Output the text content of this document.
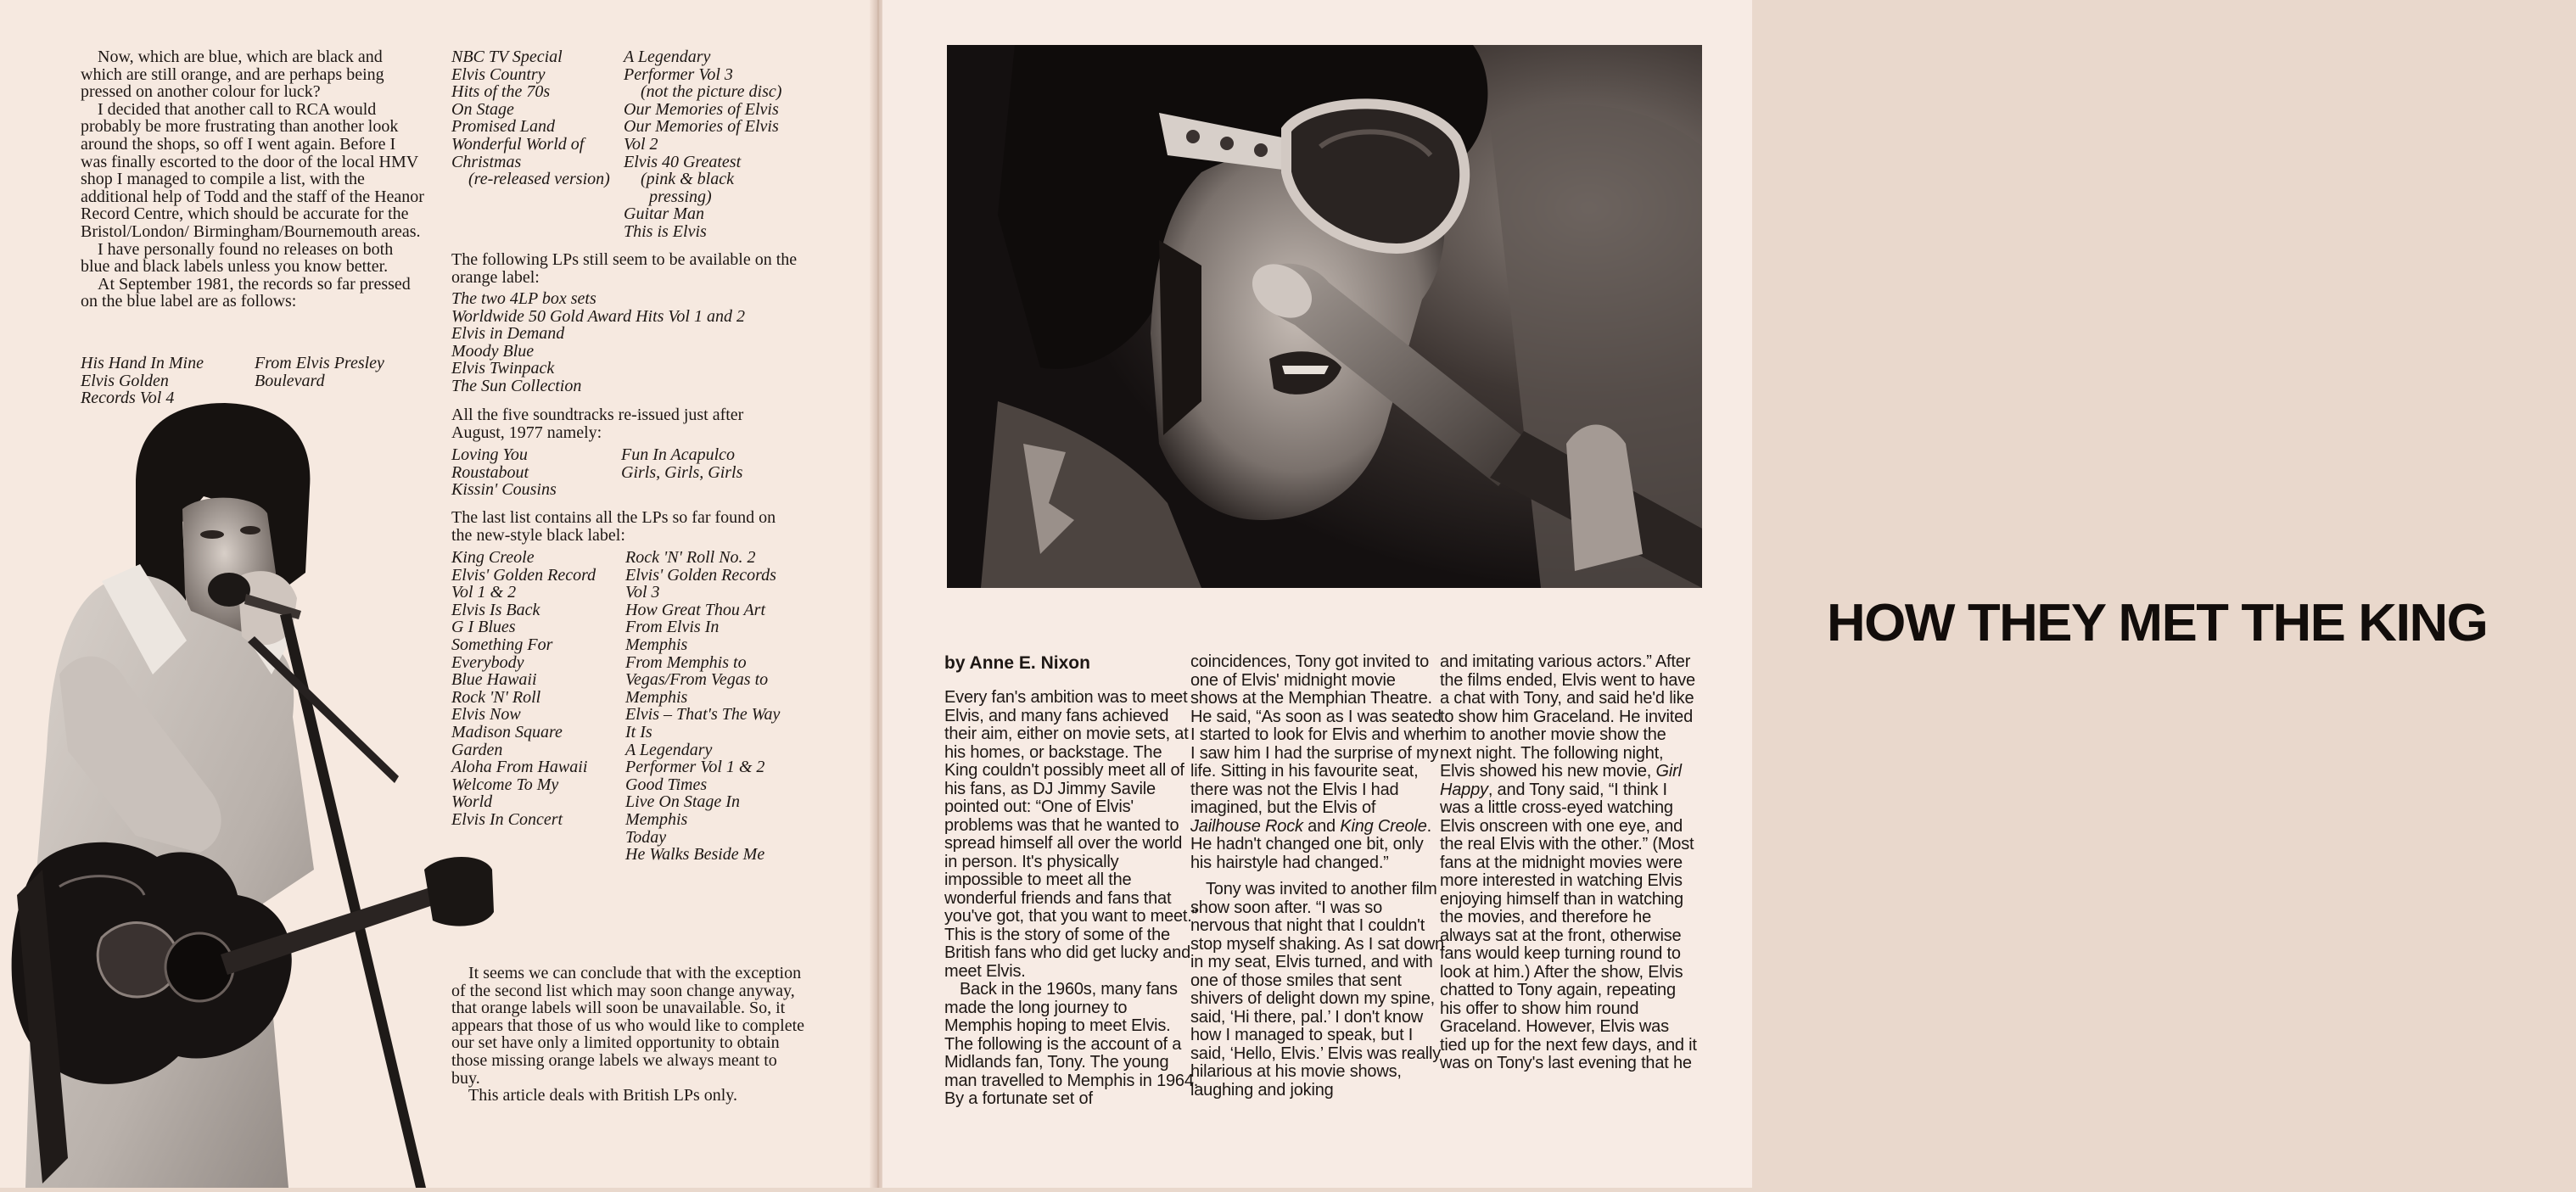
Now, which are blue, which are black and which are still orange, and are perhaps being pressed on another colour for luck?

I decided that another call to RCA would probably be more frustrating than another look around the shops, so off I went again. Before I was finally escorted to the door of the local HMV shop I managed to compile a list, with the additional help of Todd and the staff of the Heanor Record Centre, which should be accurate for the Bristol/London/ Birmingham/Bournemouth areas.

I have personally found no releases on both blue and black labels unless you know better.

At September 1981, the records so far pressed on the blue label are as follows:

His Hand In Mine
Elvis Golden
Records Vol 4
From Elvis Presley
Boulevard
NBC TV Special
Elvis Country
Hits of the 70s
On Stage
Promised Land
Wonderful World of
Christmas
(re-released version)
A Legendary
Performer Vol 3
(not the picture disc)
Our Memories of Elvis
Our Memories of Elvis
Vol 2
Elvis 40 Greatest
(pink & black
pressing)
Guitar Man
This is Elvis

The following LPs still seem to be available on the orange label:

The two 4LP box sets
Worldwide 50 Gold Award Hits Vol 1 and 2
Elvis in Demand
Moody Blue
Elvis Twinpack
The Sun Collection

All the five soundtracks re-issued just after August, 1977 namely:

Loving You
Roustabout
Kissin' Cousins
Fun In Acapulco
Girls, Girls, Girls

The last list contains all the LPs so far found on the new-style black label:

King Creole
Elvis' Golden Record
Vol 1 & 2
Elvis Is Back
G I Blues
Something For
Everybody
Blue Hawaii
Rock 'N' Roll
Elvis Now
Madison Square
Garden
Aloha From Hawaii
Welcome To My
World
Elvis In Concert
Rock 'N' Roll No. 2
Elvis' Golden Records
Vol 3
How Great Thou Art
From Elvis In
Memphis
From Memphis to
Vegas/From Vegas to
Memphis
Elvis – That's The Way
It Is
A Legendary
Performer Vol 1 & 2
Good Times
Live On Stage In
Memphis
Today
He Walks Beside Me

It seems we can conclude that with the exception of the second list which may soon change anyway, that orange labels will soon be unavailable. So, it appears that those of us who would like to complete our set have only a limited opportunity to obtain those missing orange labels we always meant to buy.

This article deals with British LPs only.

HOW THEY MET THE KING
by Anne E. Nixon

Every fan's ambition was to meet Elvis, and many fans achieved their aim, either on movie sets, at his homes, or backstage. The King couldn't possibly meet all of his fans, as DJ Jimmy Savile pointed out: “One of Elvis' problems was that he wanted to spread himself all over the world in person. It's physically impossible to meet all the wonderful friends and fans that you've got, that you want to meet.” This is the story of some of the British fans who did get lucky and meet Elvis.

Back in the 1960s, many fans made the long journey to Memphis hoping to meet Elvis. The following is the account of a Midlands fan, Tony. The young man travelled to Memphis in 1964. By a fortunate set of

coincidences, Tony got invited to one of Elvis' midnight movie shows at the Memphian Theatre. He said, “As soon as I was seated I started to look for Elvis and when I saw him I had the surprise of my life. Sitting in his favourite seat, there was not the Elvis I had imagined, but the Elvis of Jailhouse Rock and King Creole. He hadn't changed one bit, only his hairstyle had changed.”

Tony was invited to another film show soon after. “I was so nervous that night that I couldn't stop myself shaking. As I sat down in my seat, Elvis turned, and with one of those smiles that sent shivers of delight down my spine, said, ‘Hi there, pal.’ I don't know how I managed to speak, but I said, ‘Hello, Elvis.’ Elvis was really hilarious at his movie shows, laughing and joking

and imitating various actors.” After the films ended, Elvis went to have a chat with Tony, and said he'd like to show him Graceland. He invited him to another movie show the next night. The following night, Elvis showed his new movie, Girl Happy, and Tony said, “I think I was a little cross-eyed watching Elvis onscreen with one eye, and the real Elvis with the other.” (Most fans at the midnight movies were more interested in watching Elvis enjoying himself than in watching the movies, and therefore he always sat at the front, otherwise fans would keep turning round to look at him.) After the show, Elvis chatted to Tony again, repeating his offer to show him round Graceland. However, Elvis was tied up for the next few days, and it was on Tony's last evening that he
